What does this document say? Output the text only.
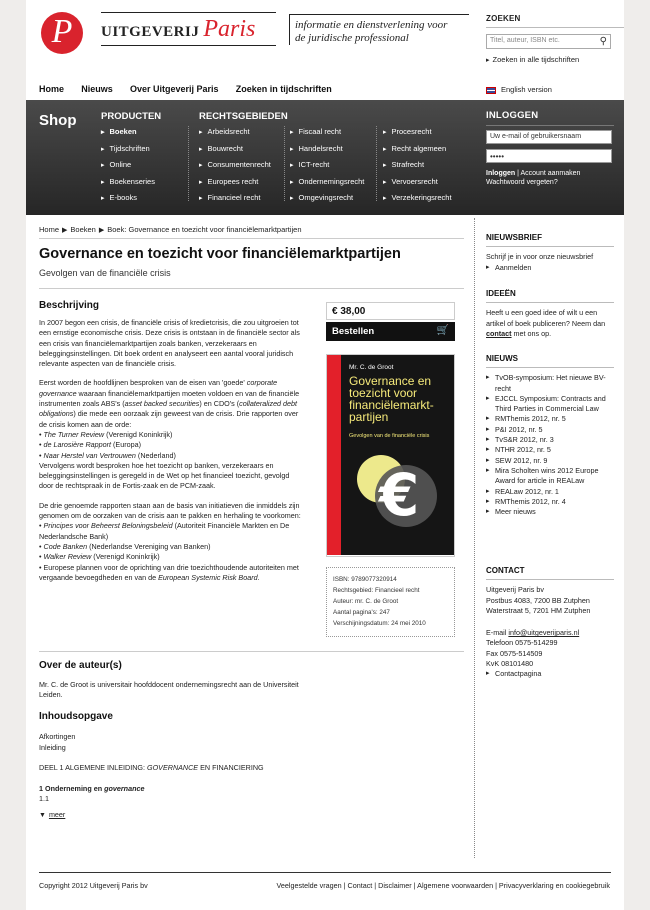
P	UITGEVERIJ Paris	informatie en dienstverlening voor
de juridische professional
ZOEKEN
Titel, auteur, ISBN etc.	⚲
▸ Zoeken in alle tijdschriften
English version
Home Nieuws Over Uitgeverij Paris Zoeken in tijdschriften
Shop	PRODUCTEN
▸ Boeken
▸ Tijdschriften
▸ Online
▸ Boekenseries
▸ E-books
RECHTSGEBIEDEN
▸ Arbeidsrecht
▸ Bouwrecht
▸ Consumentenrecht
▸ Europees recht
▸ Financieel recht
▸ Fiscaal recht
▸ Handelsrecht
▸ ICT-recht
▸ Ondernemingsrecht
▸ Omgevingsrecht
▸ Procesrecht
▸ Recht algemeen
▸ Strafrecht
▸ Vervoersrecht
▸ Verzekeringsrecht
INLOGGEN
Uw e-mail of gebruikersnaam
•••••
Inloggen | Account aanmaken
Wachtwoord vergeten?
Home ▶ Boeken ▶ Boek: Governance en toezicht voor financiëlemarktpartijen
Governance en toezicht voor financiëlemarktpartijen
Gevolgen van de financiële crisis
Beschrijving

In 2007 begon een crisis, de financiële crisis of kredietcrisis, die zou uitgroeien tot een ernstige economische crisis. Deze crisis is ontstaan in de financiële sector als een crisis van financiëlemarktpartijen zoals banken, verzekeraars en beleggingsinstellingen. Dit boek ordent en analyseert een aantal vooral juridisch relevante aspecten van de financiële crisis.

Eerst worden de hoofdlijnen besproken van de eisen van 'goede' corporate governance waaraan financiëlemarktpartijen moeten voldoen en van de financiële instrumenten zoals ABS's (asset backed securities) en CDO's (collateralized debt obligations) die mede een oorzaak zijn geweest van de crisis. Drie rapporten over de crisis komen aan de orde:
• The Turner Review (Verenigd Koninkrijk)
• de Larosière Rapport (Europa)
• Naar Herstel van Vertrouwen (Nederland)
Vervolgens wordt besproken hoe het toezicht op banken, verzekeraars en beleggingsinstellingen is geregeld in de Wet op het financieel toezicht, gevolgd door de rechtspraak in de Fortis-zaak en de PCM-zaak.

De drie genoemde rapporten staan aan de basis van initiatieven die inmiddels zijn genomen om de oorzaken van de crisis aan te pakken en herhaling te voorkomen:
• Principes voor Beheerst Beloningsbeleid (Autoriteit Financiële Markten en De Nederlandsche Bank)
• Code Banken (Nederlandse Vereniging van Banken)
• Walker Review (Verenigd Koninkrijk)
• Europese plannen voor de oprichting van drie toezichthoudende autoriteiten met vergaande bevoegdheden en van de European Systemic Risk Board.

€ 38,00
Bestellen	🛒
Mr. C. de Groot
Governance en toezicht voor financiëlemarkt-partijen
Gevolgen van de financiële crisis
€
ISBN: 9789077320914
Rechtsgebied: Financieel recht
Auteur: mr. C. de Groot
Aantal pagina's: 247
Verschijningsdatum: 24 mei 2010
Over de auteur(s)
Mr. C. de Groot is universitair hoofddocent ondernemingsrecht aan de Universiteit Leiden.
Inhoudsopgave
Afkortingen
Inleiding
DEEL 1 ALGEMENE INLEIDING: GOVERNANCE EN FINANCIERING
1 Onderneming en governance
1.1
▼ meer
NIEUWSBRIEF
Schrijf je in voor onze nieuwsbrief
▸ Aanmelden
IDEEËN
Heeft u een goed idee of wilt u een artikel of boek publiceren? Neem dan contact met ons op.
NIEUWS
▸ TvOB-symposium: Het nieuwe BV-recht
▸ EJCCL Symposium: Contracts and Third Parties in Commercial Law
▸ RMThemis 2012, nr. 5
▸ P&I 2012, nr. 5
▸ TvS&R 2012, nr. 3
▸ NTHR 2012, nr. 5
▸ SEW 2012, nr. 9
▸ Mira Scholten wins 2012 Europe Award for article in REALaw
▸ REALaw 2012, nr. 1
▸ RMThemis 2012, nr. 4
▸ Meer nieuws
CONTACT
Uitgeverij Paris bv
Postbus 4083, 7200 BB Zutphen
Waterstraat 5, 7201 HM Zutphen
E-mail info@uitgeverijparis.nl
Telefoon 0575-514299
Fax 0575-514509
KvK 08101480
▸ Contactpagina
Copyright 2012 Uitgeverij Paris bv	Veelgestelde vragen | Contact | Disclaimer | Algemene voorwaarden | Privacyverklaring en cookiegebruik
